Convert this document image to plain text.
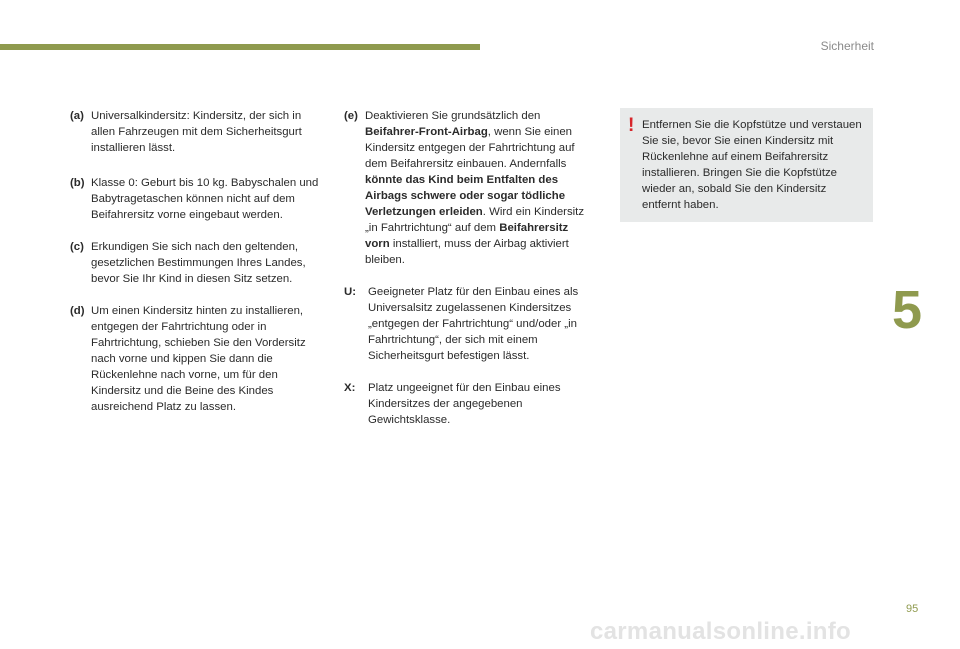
Sicherheit
(a) Universalkindersitz: Kindersitz, der sich in allen Fahrzeugen mit dem Sicherheitsgurt installieren lässt.
(b) Klasse 0: Geburt bis 10 kg. Babyschalen und Babytragetaschen können nicht auf dem Beifahrersitz vorne eingebaut werden.
(c) Erkundigen Sie sich nach den geltenden, gesetzlichen Bestimmungen Ihres Landes, bevor Sie Ihr Kind in diesen Sitz setzen.
(d) Um einen Kindersitz hinten zu installieren, entgegen der Fahrtrichtung oder in Fahrtrichtung, schieben Sie den Vordersitz nach vorne und kippen Sie dann die Rückenlehne nach vorne, um für den Kindersitz und die Beine des Kindes ausreichend Platz zu lassen.
(e) Deaktivieren Sie grundsätzlich den Beifahrer-Front-Airbag, wenn Sie einen Kindersitz entgegen der Fahrtrichtung auf dem Beifahrersitz einbauen. Andernfalls könnte das Kind beim Entfalten des Airbags schwere oder sogar tödliche Verletzungen erleiden. Wird ein Kindersitz „in Fahrtrichtung“ auf dem Beifahrersitz vorn installiert, muss der Airbag aktiviert bleiben.
U:	Geeigneter Platz für den Einbau eines als Universalsitz zugelassenen Kindersitzes „entgegen der Fahrtrichtung“ und/oder „in Fahrtrichtung“, der sich mit einem Sicherheitsgurt befestigen lässt.
X:	Platz ungeeignet für den Einbau eines Kindersitzes der angegebenen Gewichtsklasse.
! Entfernen Sie die Kopfstütze und verstauen Sie sie, bevor Sie einen Kindersitz mit Rückenlehne auf einem Beifahrersitz installieren. Bringen Sie die Kopfstütze wieder an, sobald Sie den Kindersitz entfernt haben.
5
95
carmanualsonline.info
